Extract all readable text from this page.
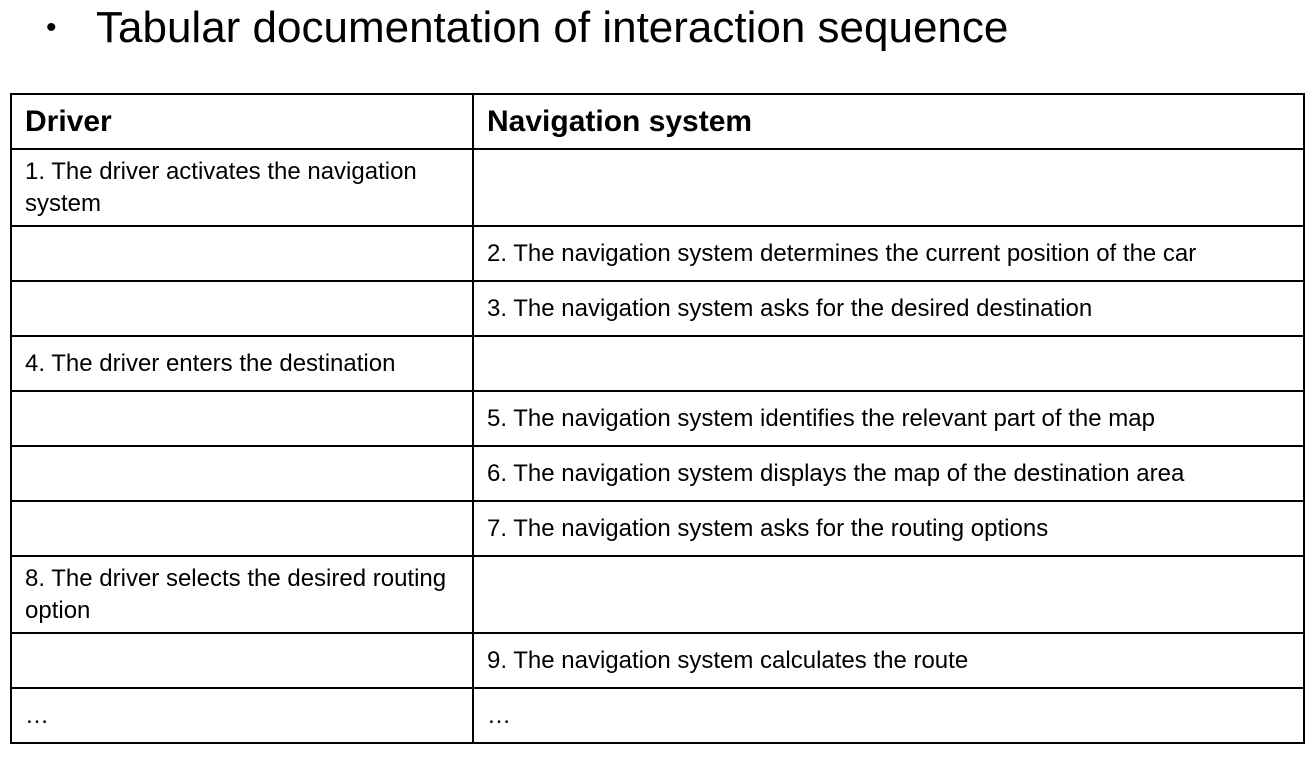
• Tabular documentation of interaction sequence
Driver	Navigation system
1. The driver activates the navigation system	
	2. The navigation system determines the current position of the car
	3. The navigation system asks for the desired destination
4. The driver enters the destination	
	5. The navigation system identifies the relevant part of the map
	6. The navigation system displays the map of the destination area
	7. The navigation system asks for the routing options
8. The driver selects the desired routing option	
	9. The navigation system calculates the route
…	…
